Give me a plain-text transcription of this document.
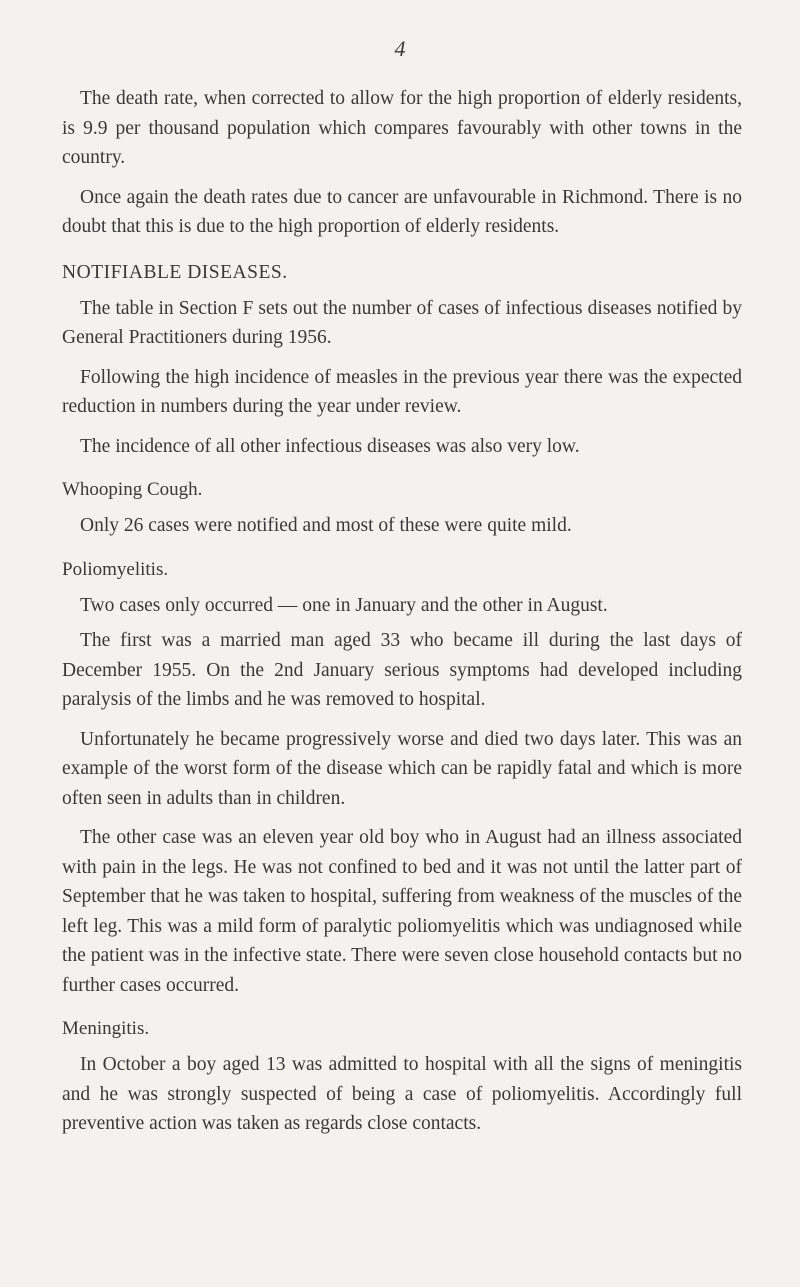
4

The death rate, when corrected to allow for the high proportion of elderly residents, is 9.9 per thousand population which compares favourably with other towns in the country.

Once again the death rates due to cancer are unfavourable in Richmond. There is no doubt that this is due to the high proportion of elderly residents.

NOTIFIABLE DISEASES.

The table in Section F sets out the number of cases of infectious diseases notified by General Practitioners during 1956.

Following the high incidence of measles in the previous year there was the expected reduction in numbers during the year under review.

The incidence of all other infectious diseases was also very low.

Whooping Cough.

Only 26 cases were notified and most of these were quite mild.

Poliomyelitis.

Two cases only occurred — one in January and the other in August.

The first was a married man aged 33 who became ill during the last days of December 1955. On the 2nd January serious symptoms had developed including paralysis of the limbs and he was removed to hospital.

Unfortunately he became progressively worse and died two days later. This was an example of the worst form of the disease which can be rapidly fatal and which is more often seen in adults than in children.

The other case was an eleven year old boy who in August had an illness associated with pain in the legs. He was not confined to bed and it was not until the latter part of September that he was taken to hospital, suffering from weakness of the muscles of the left leg. This was a mild form of paralytic poliomyelitis which was undiagnosed while the patient was in the infective state. There were seven close household contacts but no further cases occurred.

Meningitis.

In October a boy aged 13 was admitted to hospital with all the signs of meningitis and he was strongly suspected of being a case of poliomyelitis. Accordingly full preventive action was taken as regards close contacts.
